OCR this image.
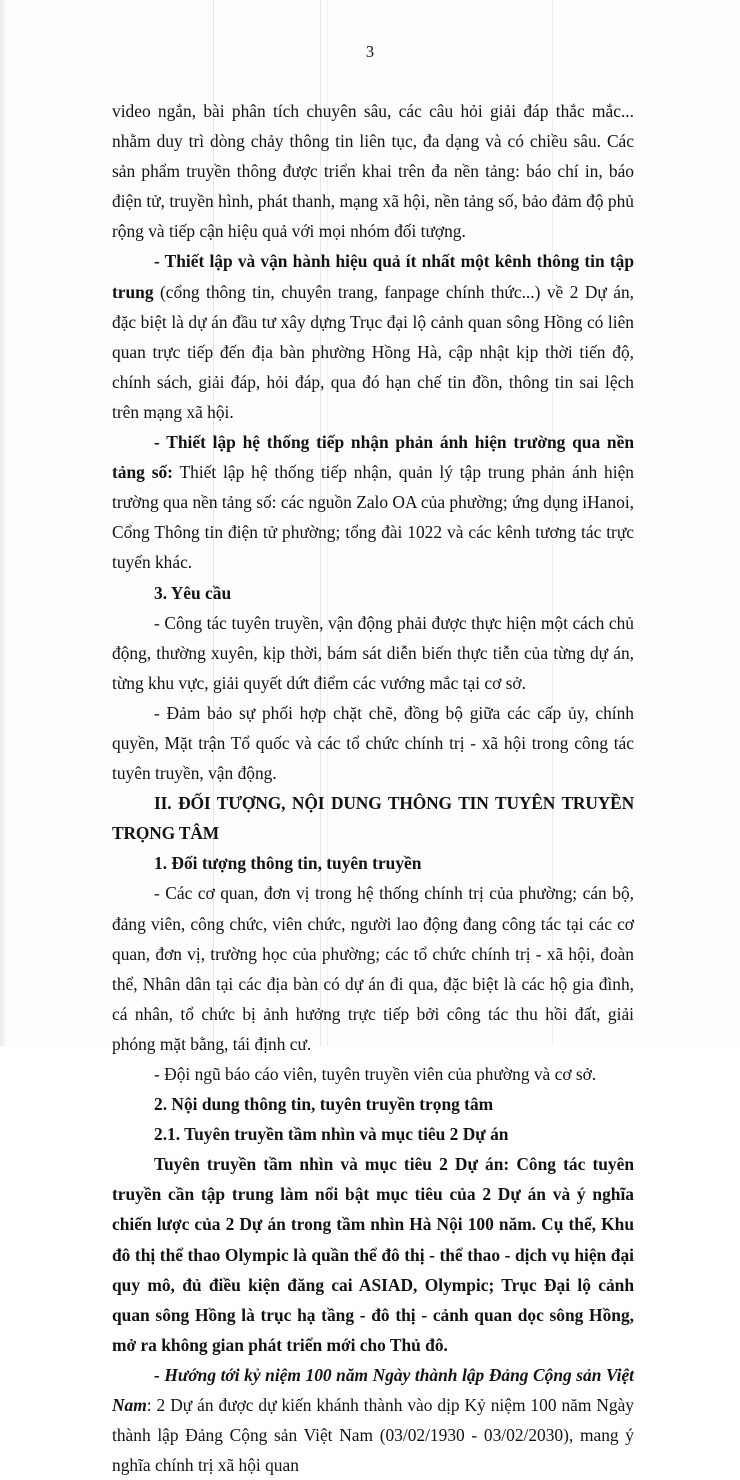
3

video ngắn, bài phân tích chuyên sâu, các câu hỏi giải đáp thắc mắc... nhằm duy trì dòng chảy thông tin liên tục, đa dạng và có chiều sâu. Các sản phẩm truyền thông được triển khai trên đa nền tảng: báo chí in, báo điện tử, truyền hình, phát thanh, mạng xã hội, nền tảng số, bảo đảm độ phủ rộng và tiếp cận hiệu quả với mọi nhóm đối tượng.

- Thiết lập và vận hành hiệu quả ít nhất một kênh thông tin tập trung (cổng thông tin, chuyên trang, fanpage chính thức...) về 2 Dự án, đặc biệt là dự án đầu tư xây dựng Trục đại lộ cảnh quan sông Hồng có liên quan trực tiếp đến địa bàn phường Hồng Hà, cập nhật kịp thời tiến độ, chính sách, giải đáp, hỏi đáp, qua đó hạn chế tin đồn, thông tin sai lệch trên mạng xã hội.

- Thiết lập hệ thống tiếp nhận phản ánh hiện trường qua nền tảng số: Thiết lập hệ thống tiếp nhận, quản lý tập trung phản ánh hiện trường qua nền tảng số: các nguồn Zalo OA của phường; ứng dụng iHanoi, Cổng Thông tin điện tử phường; tổng đài 1022 và các kênh tương tác trực tuyến khác.

3. Yêu cầu

- Công tác tuyên truyền, vận động phải được thực hiện một cách chủ động, thường xuyên, kịp thời, bám sát diễn biến thực tiễn của từng dự án, từng khu vực, giải quyết dứt điểm các vướng mắc tại cơ sở.

- Đảm bảo sự phối hợp chặt chẽ, đồng bộ giữa các cấp ủy, chính quyền, Mặt trận Tổ quốc và các tổ chức chính trị - xã hội trong công tác tuyên truyền, vận động.

II. ĐỐI TƯỢNG, NỘI DUNG THÔNG TIN TUYÊN TRUYỀN TRỌNG TÂM

1. Đối tượng thông tin, tuyên truyền

- Các cơ quan, đơn vị trong hệ thống chính trị của phường; cán bộ, đảng viên, công chức, viên chức, người lao động đang công tác tại các cơ quan, đơn vị, trường học của phường; các tổ chức chính trị - xã hội, đoàn thể, Nhân dân tại các địa bàn có dự án đi qua, đặc biệt là các hộ gia đình, cá nhân, tổ chức bị ảnh hưởng trực tiếp bởi công tác thu hồi đất, giải phóng mặt bằng, tái định cư.

- Đội ngũ báo cáo viên, tuyên truyền viên của phường và cơ sở.

2. Nội dung thông tin, tuyên truyền trọng tâm

2.1. Tuyên truyền tầm nhìn và mục tiêu 2 Dự án

Tuyên truyền tầm nhìn và mục tiêu 2 Dự án: Công tác tuyên truyền cần tập trung làm nổi bật mục tiêu của 2 Dự án và ý nghĩa chiến lược của 2 Dự án trong tầm nhìn Hà Nội 100 năm. Cụ thể, Khu đô thị thể thao Olympic là quần thể đô thị - thể thao - dịch vụ hiện đại quy mô, đủ điều kiện đăng cai ASIAD, Olympic; Trục Đại lộ cảnh quan sông Hồng là trục hạ tầng - đô thị - cảnh quan dọc sông Hồng, mở ra không gian phát triển mới cho Thủ đô.

- Hướng tới kỷ niệm 100 năm Ngày thành lập Đảng Cộng sản Việt Nam: 2 Dự án được dự kiến khánh thành vào dịp Kỷ niệm 100 năm Ngày thành lập Đảng Cộng sản Việt Nam (03/02/1930 - 03/02/2030), mang ý nghĩa chính trị xã hội quan
